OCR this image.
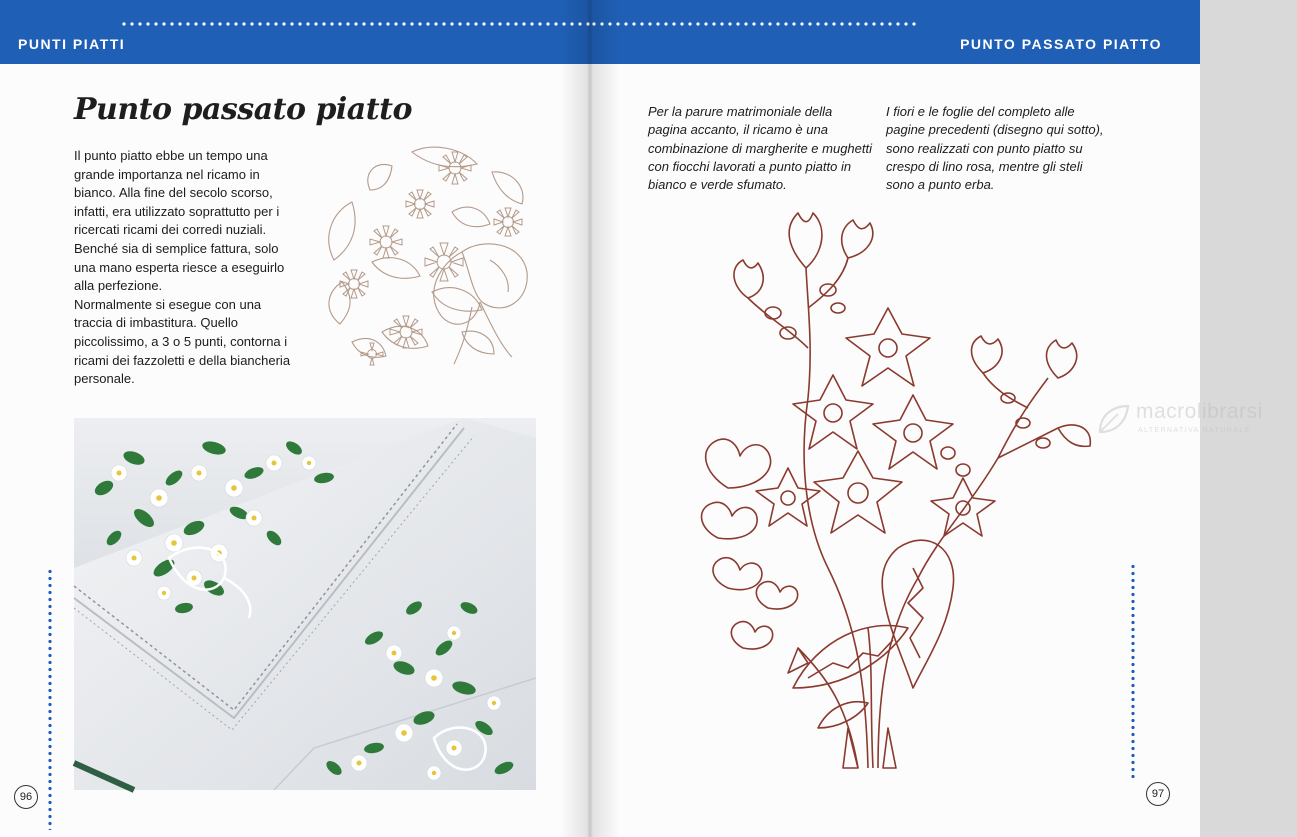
PUNTI PIATTI
Punto passato piatto

Il punto piatto ebbe un tempo una grande importanza nel ricamo in bianco. Alla fine del secolo scorso, infatti, era utilizzato soprattutto per i ricercati ricami dei corredi nuziali.

Benché sia di semplice fattura, solo una mano esperta riesce a eseguirlo alla perfezione.

Normalmente si esegue con una traccia di imbastitura. Quello piccolissimo, a 3 o 5 punti, contorna i ricami dei fazzoletti e della biancheria personale.

96
PUNTO PASSATO PIATTO

Per la parure matrimoniale della pagina accanto, il ricamo è una combinazione di margherite e mughetti con fiocchi lavorati a punto piatto in bianco e verde sfumato.

I fiori e le foglie del completo alle pagine precedenti (disegno qui sotto), sono realizzati con punto piatto su crespo di lino rosa, mentre gli steli sono a punto erba.

macrolibrarsi
ALTERNATIVA NATURALE
97
